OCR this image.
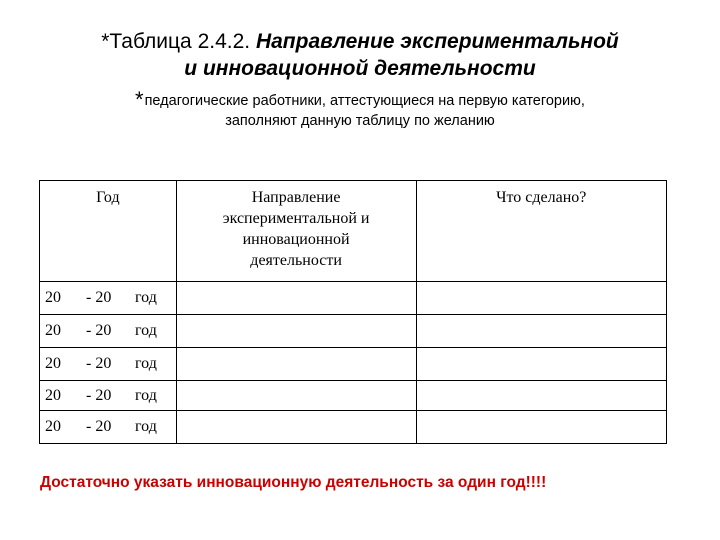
*Таблица 2.4.2. Направление экспериментальной
и инновационной деятельности
*педагогические работники, аттестующиеся на первую категорию,
заполняют данную таблицу по желанию
Год	Направление экспериментальной и инновационной деятельности	Что сделано?

20 - 20 год		

20 - 20 год		

20 - 20 год		

20 - 20 год		

20 - 20 год		

Достаточно указать инновационную деятельность за один год!!!!
